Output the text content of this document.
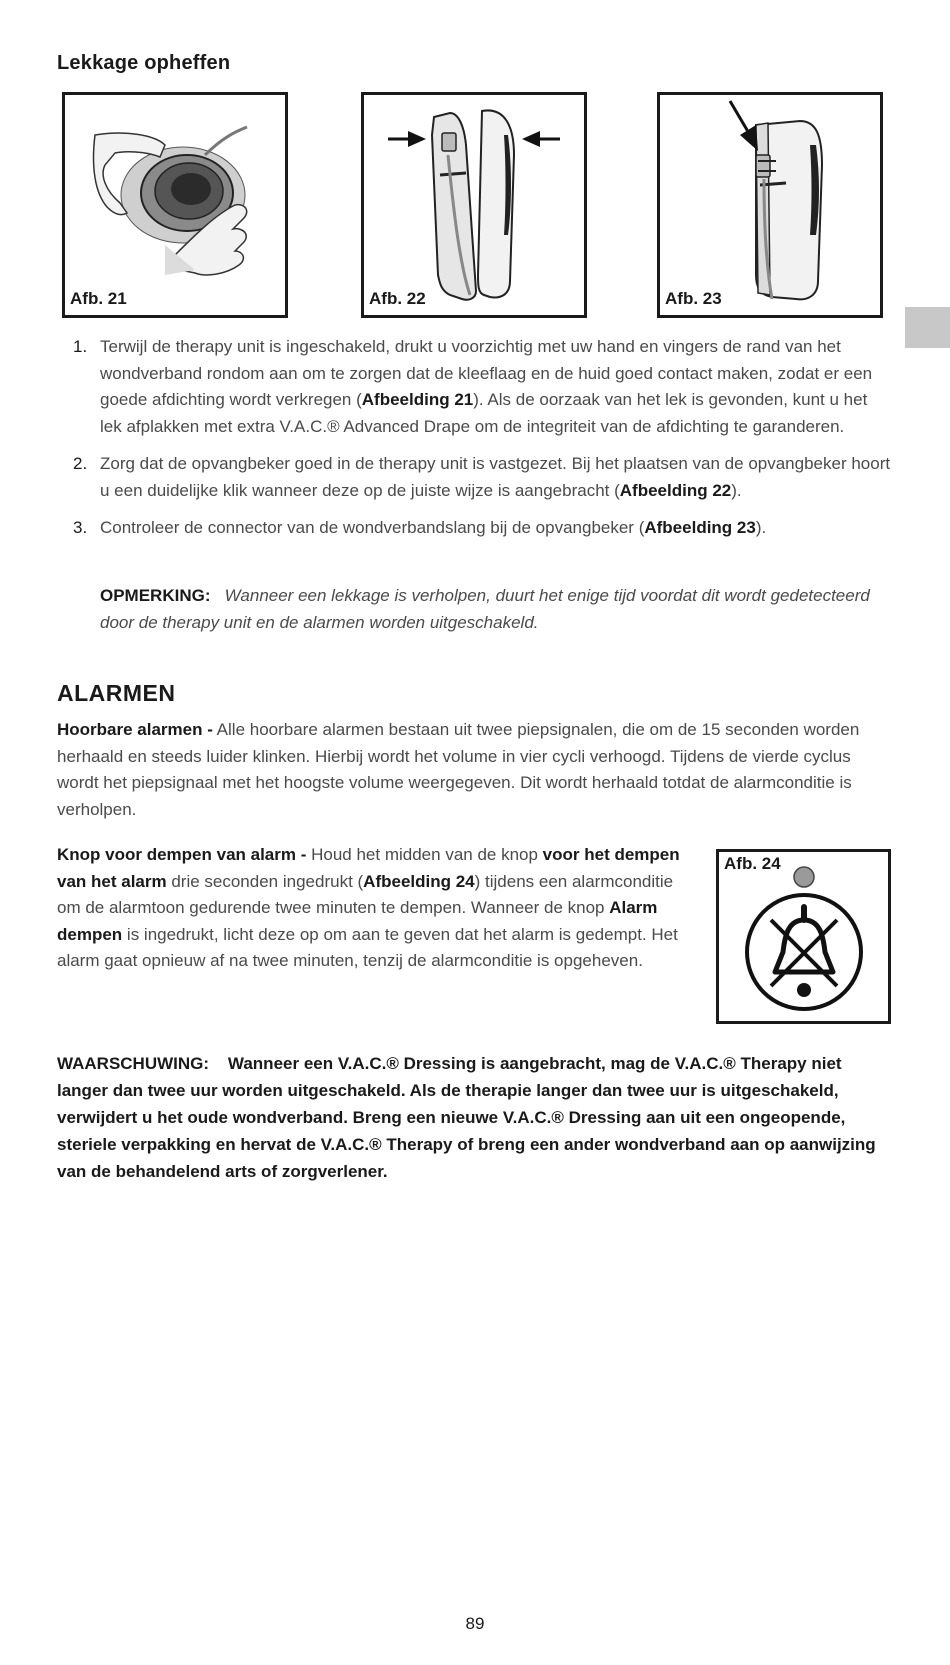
Lekkage opheffen
Afb. 21	Afb. 22	Afb. 23
1. Terwijl de therapy unit is ingeschakeld, drukt u voorzichtig met uw hand en vingers de rand van het wondverband rondom aan om te zorgen dat de kleeflaag en de huid goed contact maken, zodat er een goede afdichting wordt verkregen (Afbeelding 21). Als de oorzaak van het lek is gevonden, kunt u het lek afplakken met extra V.A.C.® Advanced Drape om de integriteit van de afdichting te garanderen.
2. Zorg dat de opvangbeker goed in de therapy unit is vastgezet. Bij het plaatsen van de opvangbeker hoort u een duidelijke klik wanneer deze op de juiste wijze is aangebracht (Afbeelding 22).
3. Controleer de connector van de wondverbandslang bij de opvangbeker (Afbeelding 23).
OPMERKING: Wanneer een lekkage is verholpen, duurt het enige tijd voordat dit wordt gedetecteerd door de therapy unit en de alarmen worden uitgeschakeld.
ALARMEN
Hoorbare alarmen - Alle hoorbare alarmen bestaan uit twee piepsignalen, die om de 15 seconden worden herhaald en steeds luider klinken. Hierbij wordt het volume in vier cycli verhoogd. Tijdens de vierde cyclus wordt het piepsignaal met het hoogste volume weergegeven. Dit wordt herhaald totdat de alarmconditie is verholpen.
Knop voor dempen van alarm - Houd het midden van de knop voor het dempen van het alarm drie seconden ingedrukt (Afbeelding 24) tijdens een alarmconditie om de alarmtoon gedurende twee minuten te dempen. Wanneer de knop Alarm dempen is ingedrukt, licht deze op om aan te geven dat het alarm is gedempt. Het alarm gaat opnieuw af na twee minuten, tenzij de alarmconditie is opgeheven.
Afb. 24
WAARSCHUWING:    Wanneer een V.A.C.® Dressing is aangebracht, mag de V.A.C.® Therapy niet langer dan twee uur worden uitgeschakeld. Als de therapie langer dan twee uur is uitgeschakeld, verwijdert u het oude wondverband. Breng een nieuwe V.A.C.® Dressing aan uit een ongeopende, steriele verpakking en hervat de V.A.C.® Therapy of breng een ander wondverband aan op aanwijzing van de behandelend arts of zorgverlener.
89
